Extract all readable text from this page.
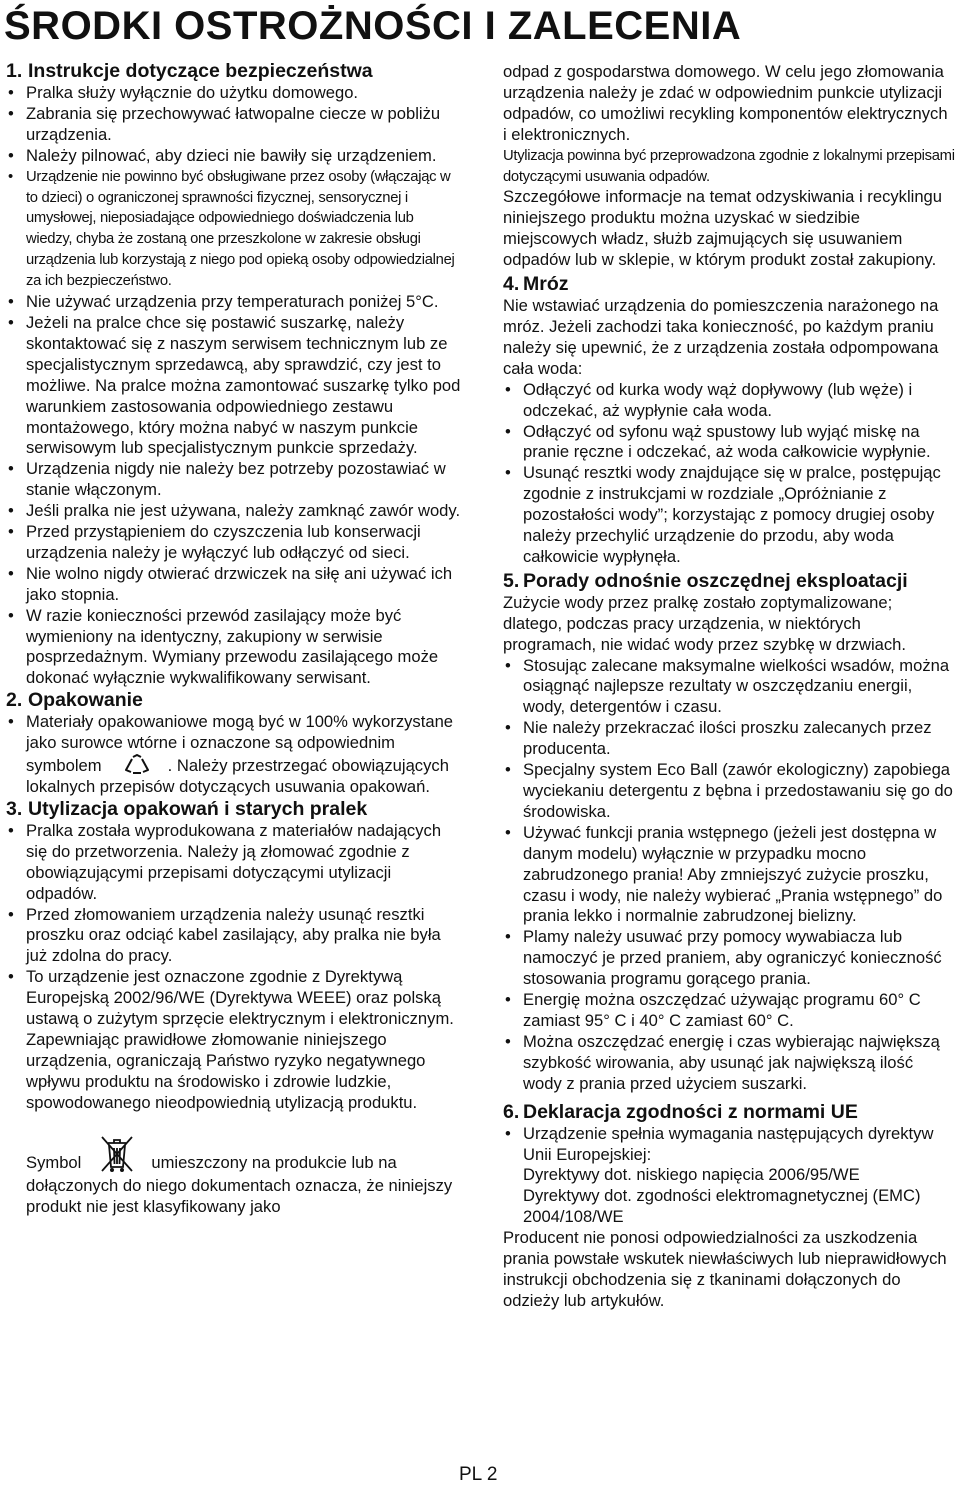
ŚRODKI OSTROŻNOŚCI I ZALECENIA
1. Instrukcje dotyczące bezpieczeństwa
• Pralka służy wyłącznie do użytku domowego.
• Zabrania się przechowywać łatwopalne ciecze w pobliżu urządzenia.
• Należy pilnować, aby dzieci nie bawiły się urządzeniem.
• Urządzenie nie powinno być obsługiwane przez osoby (włączając w to dzieci) o ograniczonej sprawności fizycznej, sensorycznej i umysłowej, nieposiadające odpowiedniego doświadczenia lub wiedzy, chyba że zostaną one przeszkolone w zakresie obsługi urządzenia lub korzystają z niego pod opieką osoby odpowiedzialnej za ich bezpieczeństwo.
• Nie używać urządzenia przy temperaturach poniżej 5°C.
• Jeżeli na pralce chce się postawić suszarkę, należy skontaktować się z naszym serwisem technicznym lub ze specjalistycznym sprzedawcą, aby sprawdzić, czy jest to możliwe. Na pralce można zamontować suszarkę tylko pod warunkiem zastosowania odpowiedniego zestawu montażowego, który można nabyć w naszym punkcie serwisowym lub specjalistycznym punkcie sprzedaży.
• Urządzenia nigdy nie należy bez potrzeby pozostawiać w stanie włączonym.
• Jeśli pralka nie jest używana, należy zamknąć zawór wody.
• Przed przystąpieniem do czyszczenia lub konserwacji urządzenia należy je wyłączyć lub odłączyć od sieci.
• Nie wolno nigdy otwierać drzwiczek na siłę ani używać ich jako stopnia.
• W razie konieczności przewód zasilający może być wymieniony na identyczny, zakupiony w serwisie posprzedażnym. Wymiany przewodu zasilającego może dokonać wyłącznie wykwalifikowany serwisant.
2. Opakowanie
• Materiały opakowaniowe mogą być w 100% wykorzystane jako surowce wtórne i oznaczone są odpowiednim symbolem	. Należy przestrzegać obowiązujących lokalnych przepisów dotyczących usuwania opakowań.
3. Utylizacja opakowań i starych pralek
• Pralka została wyprodukowana z materiałów nadających się do przetworzenia. Należy ją złomować zgodnie z obowiązującymi przepisami dotyczącymi utylizacji odpadów.
• Przed złomowaniem urządzenia należy usunąć resztki proszku oraz odciąć kabel zasilający, aby pralka nie była już zdolna do pracy.
• To urządzenie jest oznaczone zgodnie z Dyrektywą Europejską 2002/96/WE (Dyrektywa WEEE) oraz polską ustawą o zużytym sprzęcie elektrycznym i elektronicznym.

Zapewniając prawidłowe złomowanie niniejszego urządzenia, ograniczają Państwo ryzyko negatywnego wpływu produktu na środowisko i zdrowie ludzkie, spowodowanego nieodpowiednią utylizacją produktu.

Symbol	umieszczony na produkcie lub na dołączonych do niego dokumentach oznacza, że niniejszy produkt nie jest klasyfikowany jako

odpad z gospodarstwa domowego. W celu jego złomowania urządzenia należy je zdać w odpowiednim punkcie utylizacji odpadów, co umożliwi recykling komponentów elektrycznych i elektronicznych.

Utylizacja powinna być przeprowadzona zgodnie z lokalnymi przepisami dotyczącymi usuwania odpadów.

Szczegółowe informacje na temat odzyskiwania i recyklingu niniejszego produktu można uzyskać w siedzibie miejscowych władz, służb zajmujących się usuwaniem odpadów lub w sklepie, w którym produkt został zakupiony.

4. Mróz

Nie wstawiać urządzenia do pomieszczenia narażonego na mróz. Jeżeli zachodzi taka konieczność, po każdym praniu należy się upewnić, że z urządzenia została odpompowana cała woda:

• Odłączyć od kurka wody wąż dopływowy (lub węże) i odczekać, aż wypłynie cała woda.
• Odłączyć od syfonu wąż spustowy lub wyjąć miskę na pranie ręczne i odczekać, aż woda całkowicie wypłynie.
• Usunąć resztki wody znajdujące się w pralce, postępując zgodnie z instrukcjami w rozdziale „Opróżnianie z pozostałości wody”; korzystając z pomocy drugiej osoby należy przechylić urządzenie do przodu, aby woda całkowicie wypłynęła.
5. Porady odnośnie oszczędnej eksploatacji

Zużycie wody przez pralkę zostało zoptymalizowane; dlatego, podczas pracy urządzenia, w niektórych programach, nie widać wody przez szybkę w drzwiach.

• Stosując zalecane maksymalne wielkości wsadów, można osiągnąć najlepsze rezultaty w oszczędzaniu energii, wody, detergentów i czasu.
• Nie należy przekraczać ilości proszku zalecanych przez producenta.
• Specjalny system Eco Ball (zawór ekologiczny) zapobiega wyciekaniu detergentu z bębna i przedostawaniu się go do środowiska.
• Używać funkcji prania wstępnego (jeżeli jest dostępna w danym modelu) wyłącznie w przypadku mocno zabrudzonego prania! Aby zmniejszyć zużycie proszku, czasu i wody, nie należy wybierać „Prania wstępnego” do prania lekko i normalnie zabrudzonej bielizny.
• Plamy należy usuwać przy pomocy wywabiacza lub namoczyć je przed praniem, aby ograniczyć konieczność stosowania programu gorącego prania.
• Energię można oszczędzać używając programu 60° C zamiast 95° C i 40° C zamiast 60° C.
• Można oszczędzać energię i czas wybierając największą szybkość wirowania, aby usunąć jak największą ilość wody z prania przed użyciem suszarki.
6. Deklaracja zgodności z normami UE
• Urządzenie spełnia wymagania następujących dyrektyw Unii Europejskiej:

Dyrektywy dot. niskiego napięcia 2006/95/WE

Dyrektywy dot. zgodności elektromagnetycznej (EMC) 2004/108/WE

Producent nie ponosi odpowiedzialności za uszkodzenia prania powstałe wskutek niewłaściwych lub nieprawidłowych instrukcji obchodzenia się z tkaninami dołączonych do odzieży lub artykułów.

PL 2
